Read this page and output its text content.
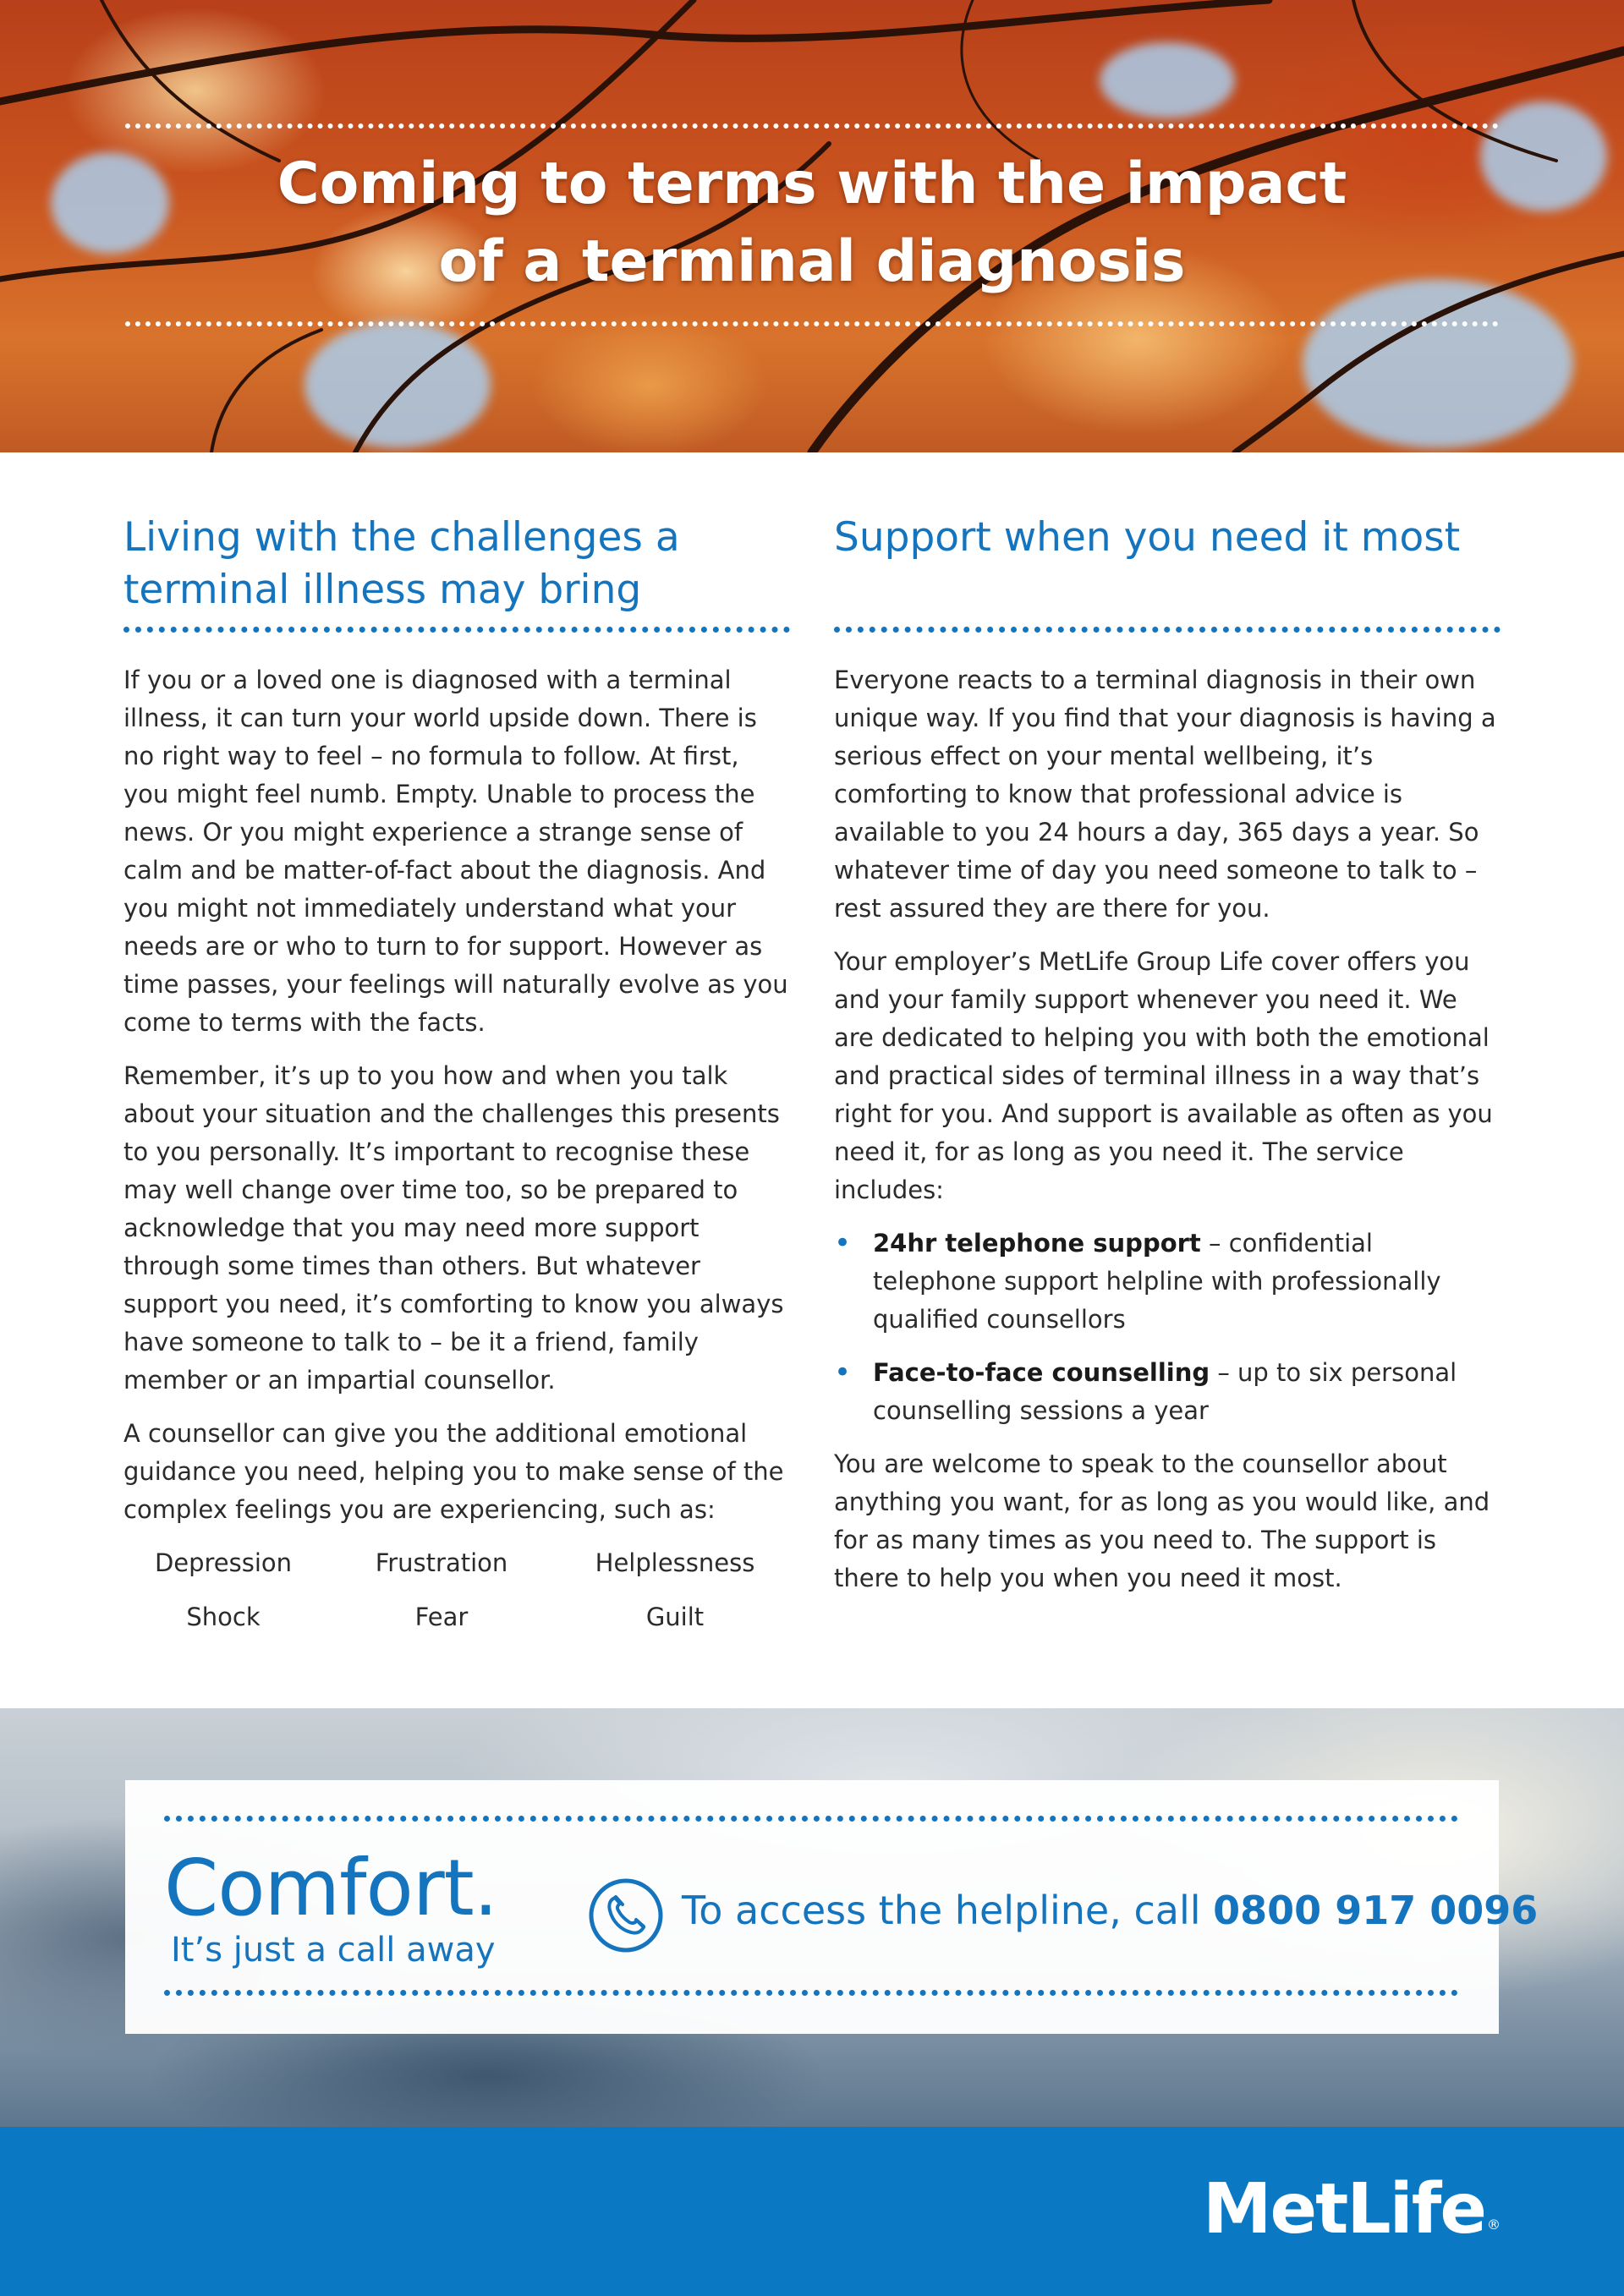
Coming to terms with the impact
of a terminal diagnosis
Living with the challenges a
terminal illness may bring

If you or a loved one is diagnosed with a terminal illness, it can turn your world upside down. There is no right way to feel – no formula to follow. At first, you might feel numb. Empty. Unable to process the news. Or you might experience a strange sense of calm and be matter-of-fact about the diagnosis. And you might not immediately understand what your needs are or who to turn to for support. However as time passes, your feelings will naturally evolve as you come to terms with the facts.

Remember, it’s up to you how and when you talk about your situation and the challenges this presents to you personally. It’s important to recognise these may well change over time too, so be prepared to acknowledge that you may need more support through some times than others. But whatever support you need, it’s comforting to know you always have someone to talk to – be it a friend, family member or an impartial counsellor.

A counsellor can give you the additional emotional guidance you need, helping you to make sense of the complex feelings you are experiencing, such as:

Depression	Frustration	Helplessness
Shock	Fear	Guilt
Support when you need it most

Everyone reacts to a terminal diagnosis in their own unique way. If you find that your diagnosis is having a serious effect on your mental wellbeing, it’s comforting to know that professional advice is available to you 24 hours a day, 365 days a year. So whatever time of day you need someone to talk to – rest assured they are there for you.

Your employer’s MetLife Group Life cover offers you and your family support whenever you need it. We are dedicated to helping you with both the emotional and practical sides of terminal illness in a way that’s right for you. And support is available as often as you need it, for as long as you need it. The service includes:

• 24hr telephone support – confidential telephone support helpline with professionally qualified counsellors
• Face-to-face counselling – up to six personal counselling sessions a year

You are welcome to speak to the counsellor about anything you want, for as long as you would like, and for as many times as you need to. The support is there to help you when you need it most.

Comfort.
It’s just a call away
To access the helpline, call 0800 917 0096
MetLife ®
